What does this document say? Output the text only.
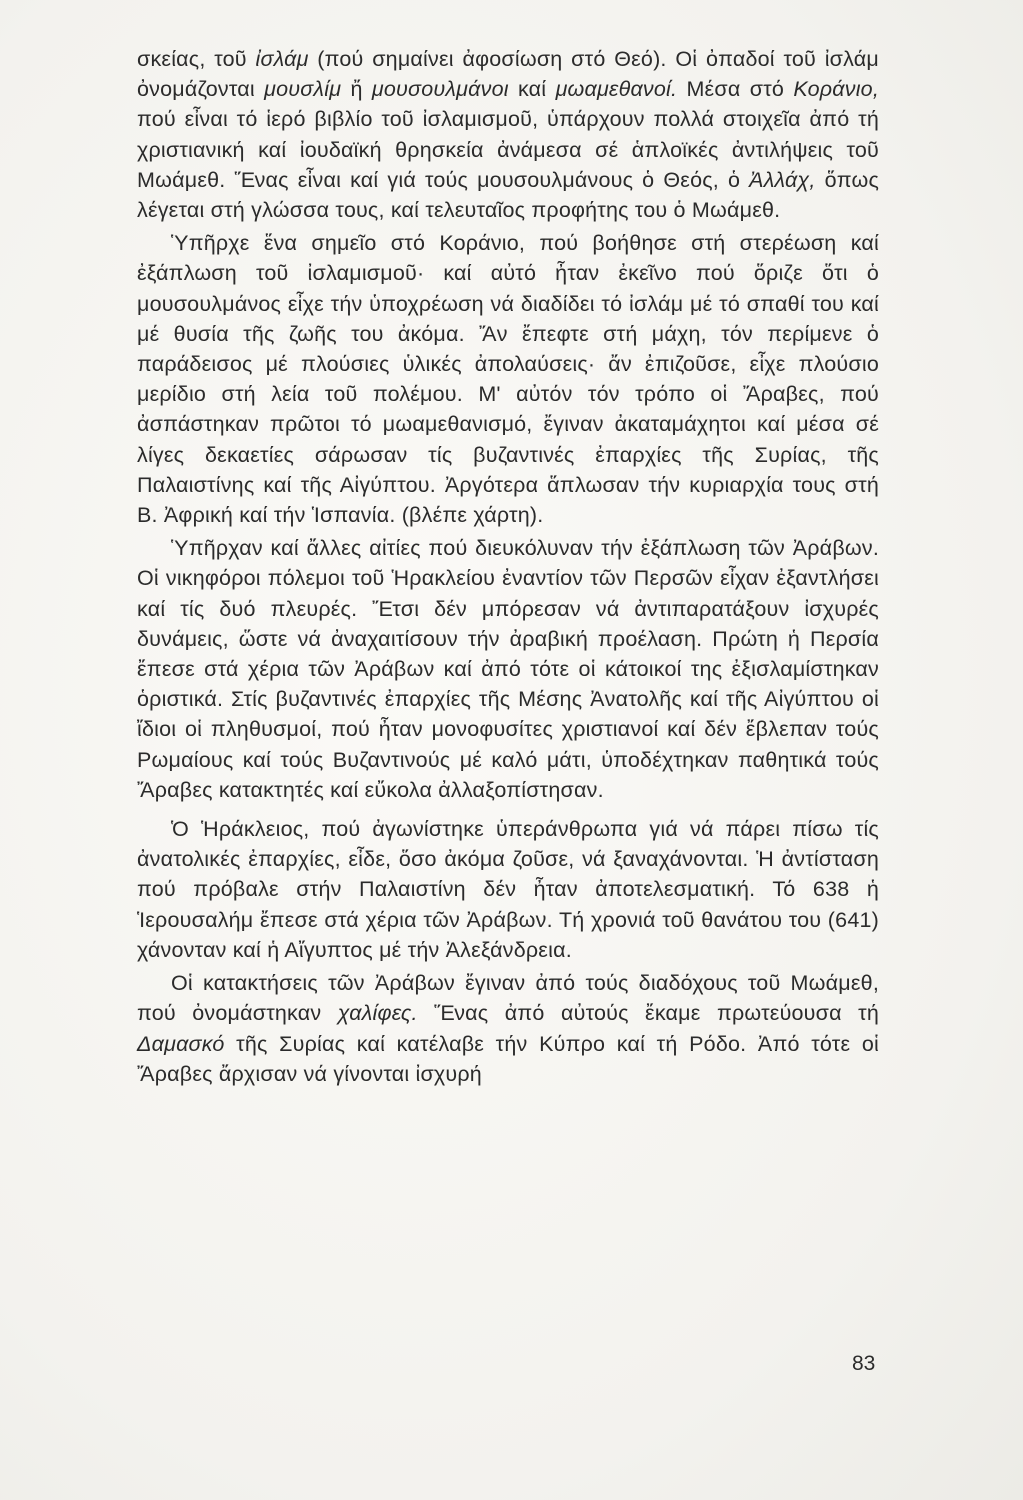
σκείας, τοῦ ἰσλάμ (πού σημαίνει ἀφοσίωση στό Θεό). Οἱ ὀπαδοί τοῦ ἰσλάμ ὀνομάζονται μουσλίμ ἤ μουσουλμάνοι καί μωαμεθανοί. Μέσα στό Κοράνιο, πού εἶναι τό ἱερό βιβλίο τοῦ ἰσλαμισμοῦ, ὑπάρχουν πολλά στοιχεῖα ἀπό τή χριστιανική καί ἰουδαϊκή θρησκεία ἀνάμεσα σέ ἁπλοϊκές ἀντιλήψεις τοῦ Μωάμεθ. Ἕνας εἶναι καί γιά τούς μουσουλμάνους ὁ Θεός, ὁ Ἀλλάχ, ὅπως λέγεται στή γλώσσα τους, καί τελευταῖος προφήτης του ὁ Μωάμεθ.

Ὑπῆρχε ἕνα σημεῖο στό Κοράνιο, πού βοήθησε στή στερέωση καί ἐξάπλωση τοῦ ἰσλαμισμοῦ· καί αὐτό ἦταν ἐκεῖνο πού ὅριζε ὅτι ὁ μουσουλμάνος εἶχε τήν ὑποχρέωση νά διαδίδει τό ἰσλάμ μέ τό σπαθί του καί μέ θυσία τῆς ζωῆς του ἀκόμα. Ἄν ἔπεφτε στή μάχη, τόν περίμενε ὁ παράδεισος μέ πλούσιες ὑλικές ἀπολαύσεις· ἄν ἐπιζοῦσε, εἶχε πλούσιο μερίδιο στή λεία τοῦ πολέμου. Μ' αὐτόν τόν τρόπο οἱ Ἄραβες, πού ἀσπάστηκαν πρῶτοι τό μωαμεθανισμό, ἔγιναν ἀκαταμάχητοι καί μέσα σέ λίγες δεκαετίες σάρωσαν τίς βυζαντινές ἐπαρχίες τῆς Συρίας, τῆς Παλαιστίνης καί τῆς Αἰγύπτου. Ἀργότερα ἅπλωσαν τήν κυριαρχία τους στή Β. Ἀφρική καί τήν Ἱσπανία. (βλέπε χάρτη).

Ὑπῆρχαν καί ἄλλες αἰτίες πού διευκόλυναν τήν ἐξάπλωση τῶν Ἀράβων. Οἱ νικηφόροι πόλεμοι τοῦ Ἡρακλείου ἐναντίον τῶν Περσῶν εἶχαν ἐξαντλήσει καί τίς δυό πλευρές. Ἔτσι δέν μπόρεσαν νά ἀντιπαρατάξουν ἰσχυρές δυνάμεις, ὥστε νά ἀναχαιτίσουν τήν ἀραβική προέλαση. Πρώτη ἡ Περσία ἔπεσε στά χέρια τῶν Ἀράβων καί ἀπό τότε οἱ κάτοικοί της ἐξισλαμίστηκαν ὁριστικά. Στίς βυζαντινές ἐπαρχίες τῆς Μέσης Ἀνατολῆς καί τῆς Αἰγύπτου οἱ ἴδιοι οἱ πληθυσμοί, πού ἦταν μονοφυσίτες χριστιανοί καί δέν ἔβλεπαν τούς Ρωμαίους καί τούς Βυζαντινούς μέ καλό μάτι, ὑποδέχτηκαν παθητικά τούς Ἄραβες κατακτητές καί εὔκολα ἀλλαξοπίστησαν.

Ὁ Ἡράκλειος, πού ἀγωνίστηκε ὑπεράνθρωπα γιά νά πάρει πίσω τίς ἀνατολικές ἐπαρχίες, εἶδε, ὅσο ἀκόμα ζοῦσε, νά ξαναχάνονται. Ἡ ἀντίσταση πού πρόβαλε στήν Παλαιστίνη δέν ἦταν ἀποτελεσματική. Τό 638 ἡ Ἱερουσαλήμ ἔπεσε στά χέρια τῶν Ἀράβων. Τή χρονιά τοῦ θανάτου του (641) χάνονταν καί ἡ Αἴγυπτος μέ τήν Ἀλεξάνδρεια.

Οἱ κατακτήσεις τῶν Ἀράβων ἔγιναν ἀπό τούς διαδόχους τοῦ Μωάμεθ, πού ὀνομάστηκαν χαλίφες. Ἕνας ἀπό αὐτούς ἔκαμε πρωτεύουσα τή Δαμασκό τῆς Συρίας καί κατέλαβε τήν Κύπρο καί τή Ρόδο. Ἀπό τότε οἱ Ἄραβες ἄρχισαν νά γίνονται ἰσχυρή

83
